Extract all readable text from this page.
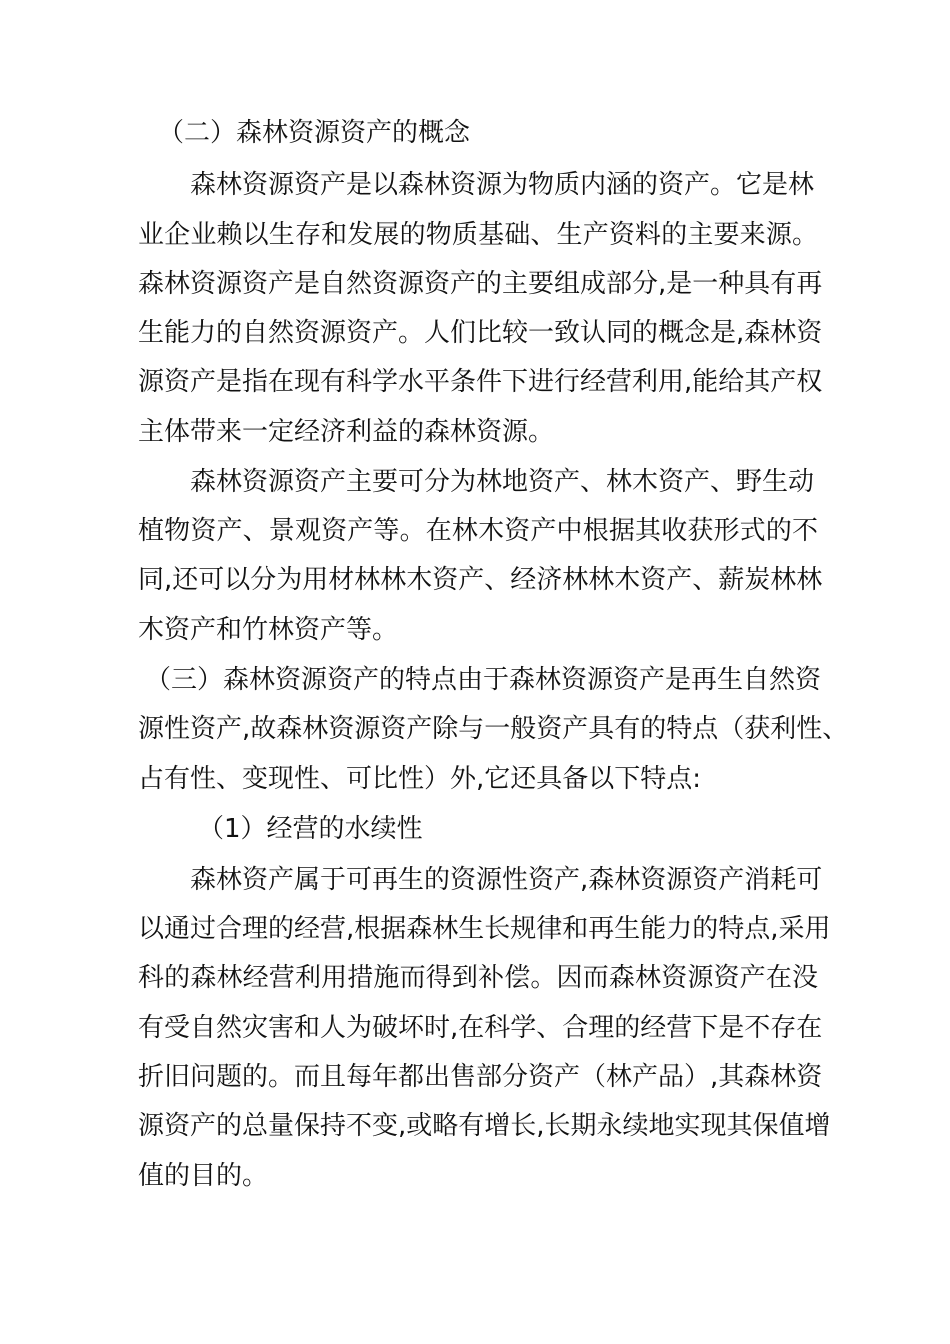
（二）森林资源资产的概念
森林资源资产是以森林资源为物质内涵的资产。它是林
业企业赖以生存和发展的物质基础、生产资料的主要来源。
森林资源资产是自然资源资产的主要组成部分,是一种具有再
生能力的自然资源资产。人们比较一致认同的概念是,森林资
源资产是指在现有科学水平条件下进行经营利用,能给其产权
主体带来一定经济利益的森林资源。
森林资源资产主要可分为林地资产、林木资产、野生动
植物资产、景观资产等。在林木资产中根据其收获形式的不
同,还可以分为用材林林木资产、经济林林木资产、薪炭林林
木资产和竹林资产等。
（三）森林资源资产的特点由于森林资源资产是再生自然资
源性资产,故森林资源资产除与一般资产具有的特点（获利性、
占有性、变现性、可比性）外,它还具备以下特点:
（1）经营的水续性
森林资产属于可再生的资源性资产,森林资源资产消耗可
以通过合理的经营,根据森林生长规律和再生能力的特点,采用
科的森林经营利用措施而得到补偿。因而森林资源资产在没
有受自然灾害和人为破坏时,在科学、合理的经营下是不存在
折旧问题的。而且每年都出售部分资产（林产品）,其森林资
源资产的总量保持不变,或略有增长,长期永续地实现其保值增
值的目的。
